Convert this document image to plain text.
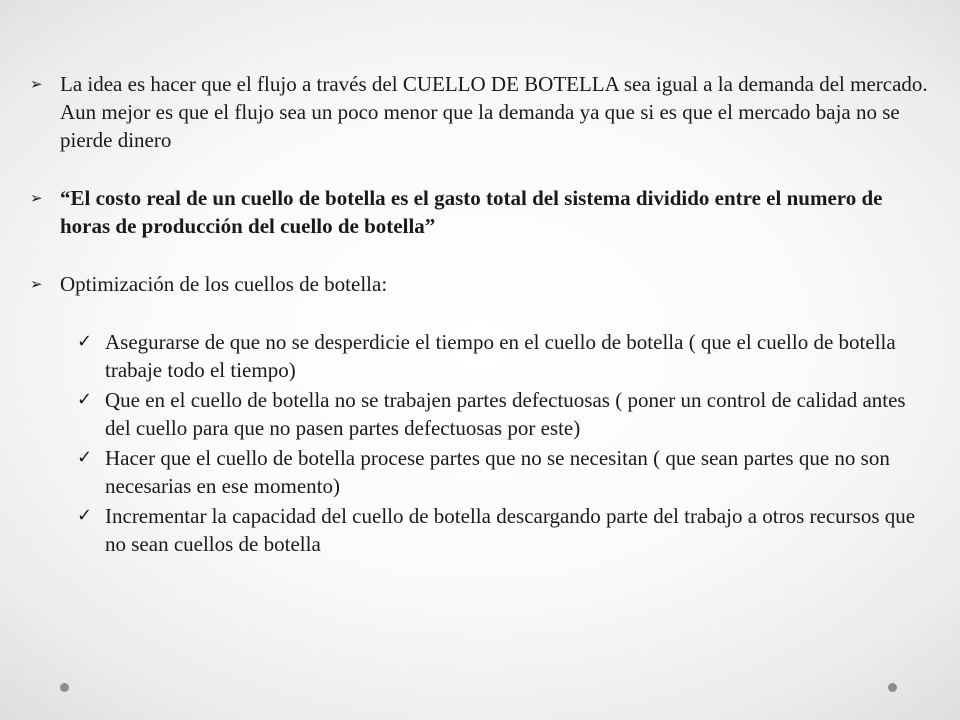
➢ La idea es hacer que el flujo a través del CUELLO DE BOTELLA sea igual a la demanda del mercado. Aun mejor es que el flujo sea un poco menor que la demanda ya que si es que el mercado baja no se pierde dinero
➢ “El costo real de un cuello de botella es el gasto total del sistema dividido entre el numero de horas de producción del cuello de botella”
➢ Optimización de los cuellos de botella:
✓ Asegurarse de que no se desperdicie el tiempo en el cuello de botella ( que el cuello de botella trabaje todo el tiempo)
✓ Que en el cuello de botella no se trabajen partes defectuosas ( poner un control de calidad antes del cuello para que no pasen partes defectuosas por este)
✓ Hacer que el cuello de botella procese partes que no se necesitan ( que sean partes que no son necesarias en ese momento)
✓ Incrementar la capacidad del cuello de botella descargando parte del trabajo a otros recursos que no sean cuellos de botella
